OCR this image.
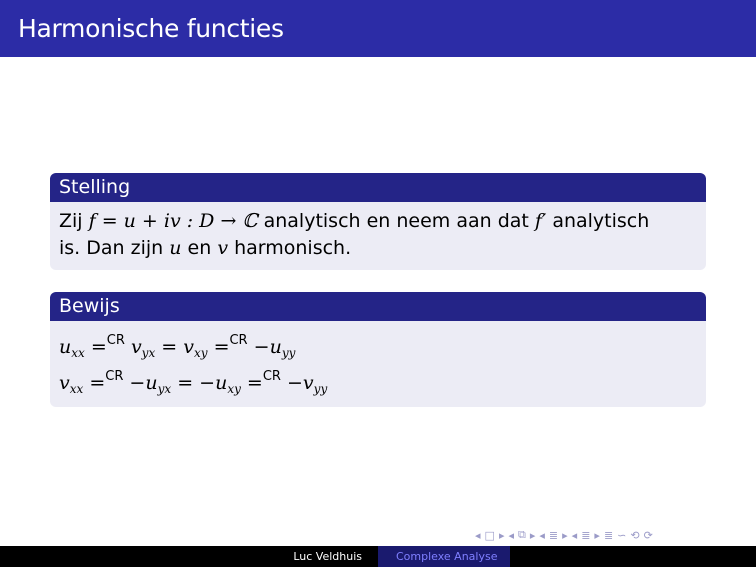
Harmonische functies
Stelling
Zij f = u + iv : D → ℂ analytisch en neem aan dat f′ analytisch
is. Dan zijn u en v harmonisch.
Bewijs
$u_{xx} =^{CR}$ $v_{yx} = v_{xy} =^{CR} -u_{yy}$
$v_{xx} =^{CR} -u_{yx} = -u_{xy} =^{CR} -v_{yy}$
◂ □ ▸ ◂ ⧉ ▸ ◂ ≣ ▸ ◂ ≣ ▸ ≣ ∽ ⟲ ⟳
Luc Veldhuis	Complexe Analyse
